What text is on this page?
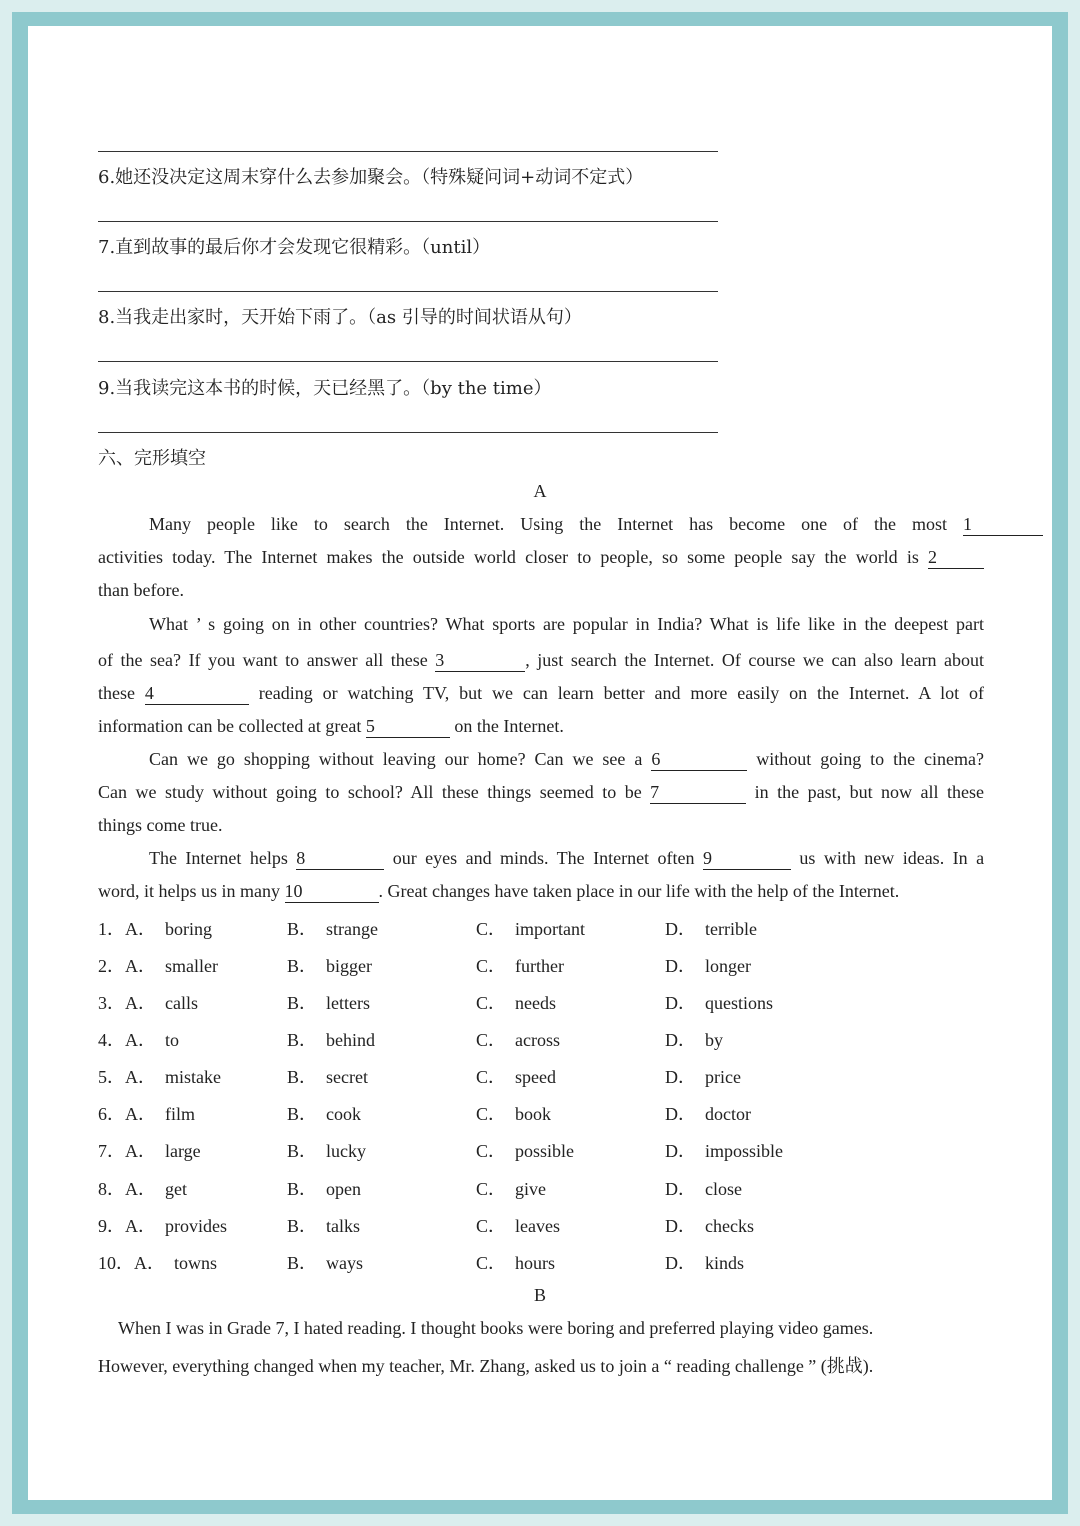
6.她还没决定这周末穿什么去参加聚会。（特殊疑问词+动词不定式）
7.直到故事的最后你才会发现它很精彩。（until）
8.当我走出家时，天开始下雨了。（as 引导的时间状语从句）
9.当我读完这本书的时候，天已经黑了。（by the time）
六、完形填空
A
Many people like to search the Internet. Using the Internet has become one of the most 1
activities today. The Internet makes the outside world closer to people, so some people say the world is 2
than before.
What ’ s going on in other countries? What sports are popular in India? What is life like in the deepest part
of the sea? If you want to answer all these 3	, just search the Internet. Of course we can also learn about
these 4	reading or watching TV, but we can learn better and more easily on the Internet. A lot of
information can be collected at great 5	on the Internet.
Can we go shopping without leaving our home? Can we see a 6	without going to the cinema?
Can we study without going to school? All these things seemed to be 7	in the past, but now all these
things come true.
The Internet helps 8	our eyes and minds. The Internet often 9	us with new ideas. In a
word, it helps us in many 10	. Great changes have taken place in our life with the help of the Internet.
1．A．  boring	B．  strange	C．  important	D．  terrible
2．A．  smaller	B．  bigger	C．  further	D．  longer
3．A．  calls	B．  letters	C．  needs	D．  questions
4．A．  to	B．  behind	C．  across	D．  by
5．A．  mistake	B．  secret	C．  speed	D．  price
6．A．  film	B．  cook	C．  book	D．  doctor
7．A．  large	B．  lucky	C．  possible	D．  impossible
8．A．  get	B．  open	C．  give	D．  close
9．A．  provides	B．  talks	C．  leaves	D．  checks
10．A．  towns	B．  ways	C．  hours	D．  kinds
B
When I was in Grade 7, I hated reading. I thought books were boring and preferred playing video games.
However, everything changed when my teacher, Mr. Zhang, asked us to join a “ reading challenge ” (挑战).
